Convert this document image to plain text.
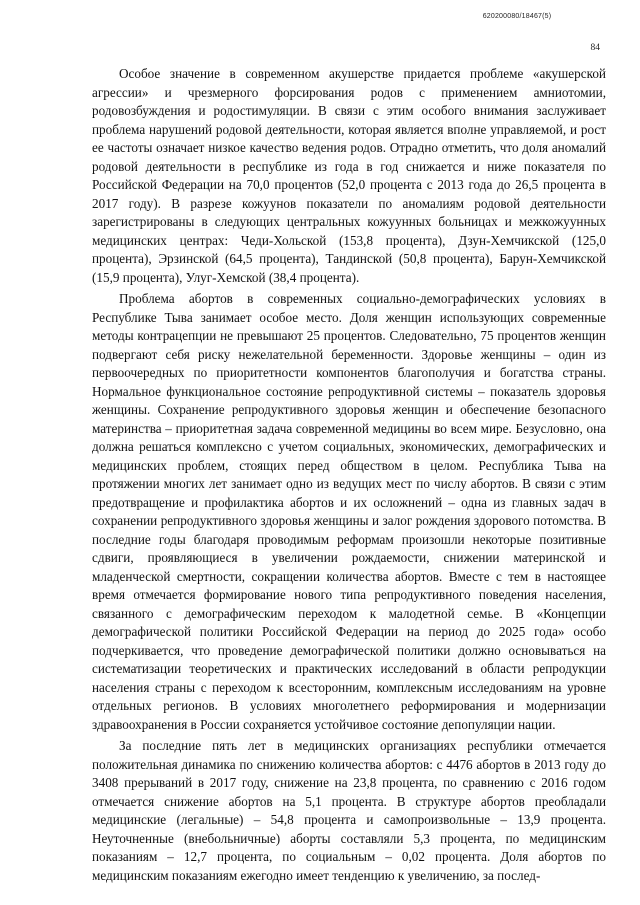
620200080/18467(5)
84

Особое значение в современном акушерстве придается проблеме «акушерской агрессии» и чрезмерного форсирования родов с применением амниотомии, родовозбуждения и родостимуляции. В связи с этим особого внимания заслуживает проблема нарушений родовой деятельности, которая является вполне управляемой, и рост ее частоты означает низкое качество ведения родов. Отрадно отметить, что доля аномалий родовой деятельности в республике из года в год снижается и ниже показателя по Российской Федерации на 70,0 процентов (52,0 процента с 2013 года до 26,5 процента в 2017 году). В разрезе кожуунов показатели по аномалиям родовой деятельности зарегистрированы в следующих центральных кожуунных больницах и межкожуунных медицинских центрах: Чеди-Хольской (153,8 процента), Дзун-Хемчикской (125,0 процента), Эрзинской (64,5 процента), Тандинской (50,8 процента), Барун-Хемчикской (15,9 процента), Улуг-Хемской (38,4 процента).

Проблема абортов в современных социально-демографических условиях в Республике Тыва занимает особое место. Доля женщин использующих современные методы контрацепции не превышают 25 процентов. Следовательно, 75 процентов женщин подвергают себя риску нежелательной беременности. Здоровье женщины – один из первоочередных по приоритетности компонентов благополучия и богатства страны. Нормальное функциональное состояние репродуктивной системы – показатель здоровья женщины. Сохранение репродуктивного здоровья женщин и обеспечение безопасного материнства – приоритетная задача современной медицины во всем мире. Безусловно, она должна решаться комплексно с учетом социальных, экономических, демографических и медицинских проблем, стоящих перед обществом в целом. Республика Тыва на протяжении многих лет занимает одно из ведущих мест по числу абортов. В связи с этим предотвращение и профилактика абортов и их осложнений – одна из главных задач в сохранении репродуктивного здоровья женщины и залог рождения здорового потомства. В последние годы благодаря проводимым реформам произошли некоторые позитивные сдвиги, проявляющиеся в увеличении рождаемости, снижении материнской и младенческой смертности, сокращении количества абортов. Вместе с тем в настоящее время отмечается формирование нового типа репродуктивного поведения населения, связанного с демографическим переходом к малодетной семье. В «Концепции демографической политики Российской Федерации на период до 2025 года» особо подчеркивается, что проведение демографической политики должно основываться на систематизации теоретических и практических исследований в области репродукции населения страны с переходом к всесторонним, комплексным исследованиям на уровне отдельных регионов. В условиях многолетнего реформирования и модернизации здравоохранения в России сохраняется устойчивое состояние депопуляции нации.

За последние пять лет в медицинских организациях республики отмечается положительная динамика по снижению количества абортов: с 4476 абортов в 2013 году до 3408 прерываний в 2017 году, снижение на 23,8 процента, по сравнению с 2016 годом отмечается снижение абортов на 5,1 процента. В структуре абортов преобладали медицинские (легальные) – 54,8 процента и самопроизвольные – 13,9 процента. Неуточненные (внебольничные) аборты составляли 5,3 процента, по медицинским показаниям – 12,7 процента, по социальным – 0,02 процента. Доля абортов по медицинским показаниям ежегодно имеет тенденцию к увеличению, за послед-
